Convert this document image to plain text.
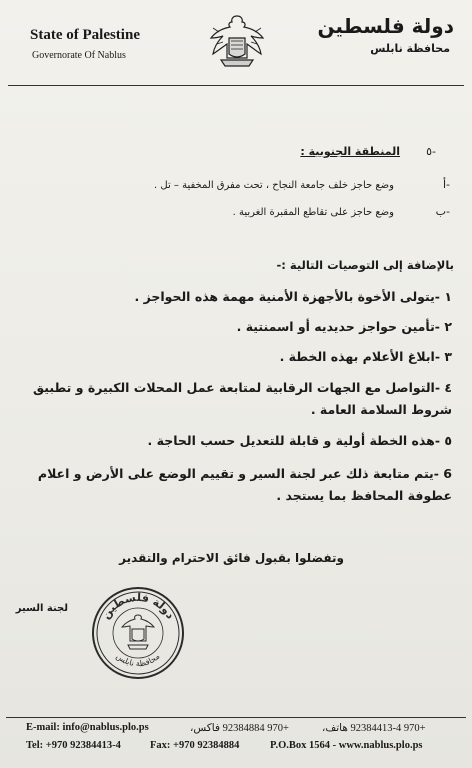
State of Palestine
Governorate Of Nablus
دولة فلسطين
محافظة نابلس
-٥
المنطقة الجنوبية :
-أ
وضع حاجز خلف جامعة النجاح ، تحت مفرق المخفية – تل .
-ب
وضع حاجز على تقاطع المقبرة الغربية .
بالإضافة إلى التوصيات التالية :-
١ -يتولى الأخوة بالأجهزة الأمنية مهمة هذه الحواجز .
٢ -تأمين حواجز حديديه أو اسمنتية .
٣ -ابلاغ الأعلام بهذه الخطة .
٤ -التواصل مع الجهات الرقابية لمتابعة عمل المحلات الكبيرة و تطبيق شروط السلامة العامة .
٥ -هذه الخطة أولية و قابلة للتعديل حسب الحاجة .
6 -يتم متابعة ذلك عبر لجنة السير و تقييم الوضع على الأرض و اعلام عطوفة المحافظ بما يستجد .
وتفضلوا بقبول فائق الاحترام والتقدير
لجنة السير	دولة فلسطين
محافظة نابلس
E-mail: info@nablus.plo.ps	+970 92384884 فاكس،	+970 92384413-4 هاتف،
Tel: +970 92384413-4	Fax: +970 92384884	P.O.Box 1564 - www.nablus.plo.ps
